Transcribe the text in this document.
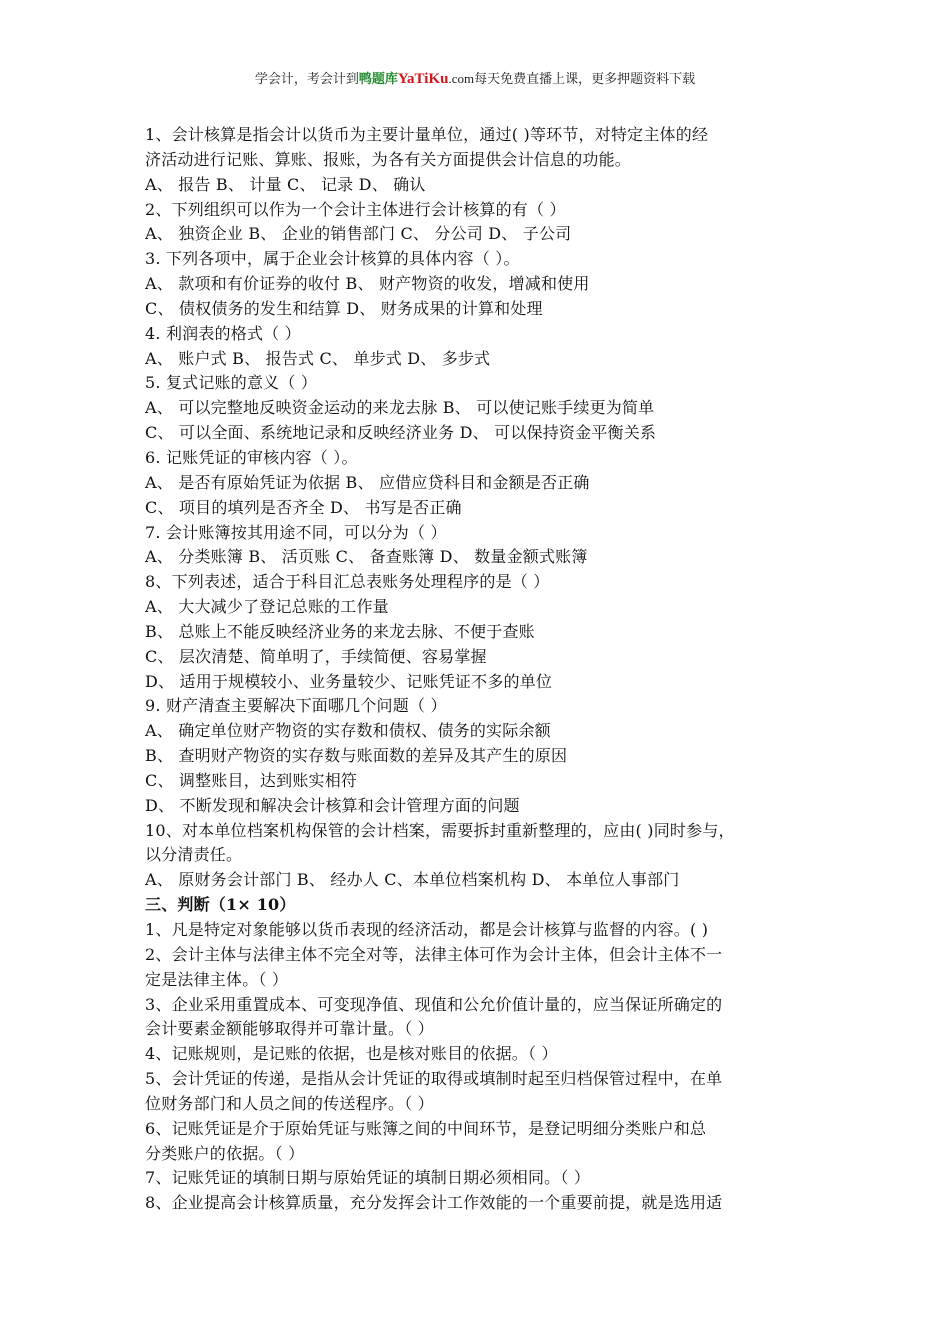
学会计，考会计到鸭题库YaTiKu.com每天免费直播上课，更多押题资料下载
1、会计核算是指会计以货币为主要计量单位，通过( )等环节，对特定主体的经
济活动进行记账、算账、报账，为各有关方面提供会计信息的功能。
A、 报告 B、 计量 C、 记录 D、 确认
2、下列组织可以作为一个会计主体进行会计核算的有（ ）
A、 独资企业 B、 企业的销售部门 C、 分公司 D、 子公司
3. 下列各项中，属于企业会计核算的具体内容（ ）。
A、 款项和有价证券的收付 B、 财产物资的收发，增减和使用
C、 债权债务的发生和结算 D、 财务成果的计算和处理
4. 利润表的格式（ ）
A、 账户式 B、 报告式 C、 单步式 D、 多步式
5. 复式记账的意义（ ）
A、 可以完整地反映资金运动的来龙去脉 B、 可以使记账手续更为简单
C、 可以全面、系统地记录和反映经济业务 D、 可以保持资金平衡关系
6. 记账凭证的审核内容（ ）。
A、 是否有原始凭证为依据 B、 应借应贷科目和金额是否正确
C、 项目的填列是否齐全 D、 书写是否正确
7. 会计账簿按其用途不同，可以分为（ ）
A、 分类账簿 B、 活页账 C、 备查账簿 D、 数量金额式账簿
8、下列表述，适合于科目汇总表账务处理程序的是（ ）
A、 大大减少了登记总账的工作量
B、 总账上不能反映经济业务的来龙去脉、不便于查账
C、 层次清楚、简单明了，手续简便、容易掌握
D、 适用于规模较小、业务量较少、记账凭证不多的单位
9. 财产清查主要解决下面哪几个问题（ ）
A、 确定单位财产物资的实存数和债权、债务的实际余额
B、 查明财产物资的实存数与账面数的差异及其产生的原因
C、 调整账目，达到账实相符
D、 不断发现和解决会计核算和会计管理方面的问题
10、对本单位档案机构保管的会计档案，需要拆封重新整理的，应由( )同时参与，
以分清责任。
A、 原财务会计部门 B、 经办人 C、本单位档案机构 D、 本单位人事部门
三、判断（1× 10）
1、凡是特定对象能够以货币表现的经济活动，都是会计核算与监督的内容。( )
2、会计主体与法律主体不完全对等，法律主体可作为会计主体，但会计主体不一
定是法律主体。（ ）
3、企业采用重置成本、可变现净值、现值和公允价值计量的，应当保证所确定的
会计要素金额能够取得并可靠计量。（ ）
4、记账规则，是记账的依据，也是核对账目的依据。（ ）
5、会计凭证的传递，是指从会计凭证的取得或填制时起至归档保管过程中，在单
位财务部门和人员之间的传送程序。（ ）
6、记账凭证是介于原始凭证与账簿之间的中间环节，是登记明细分类账户和总
分类账户的依据。（ ）
7、记账凭证的填制日期与原始凭证的填制日期必须相同。（ ）
8、企业提高会计核算质量，充分发挥会计工作效能的一个重要前提，就是选用适
